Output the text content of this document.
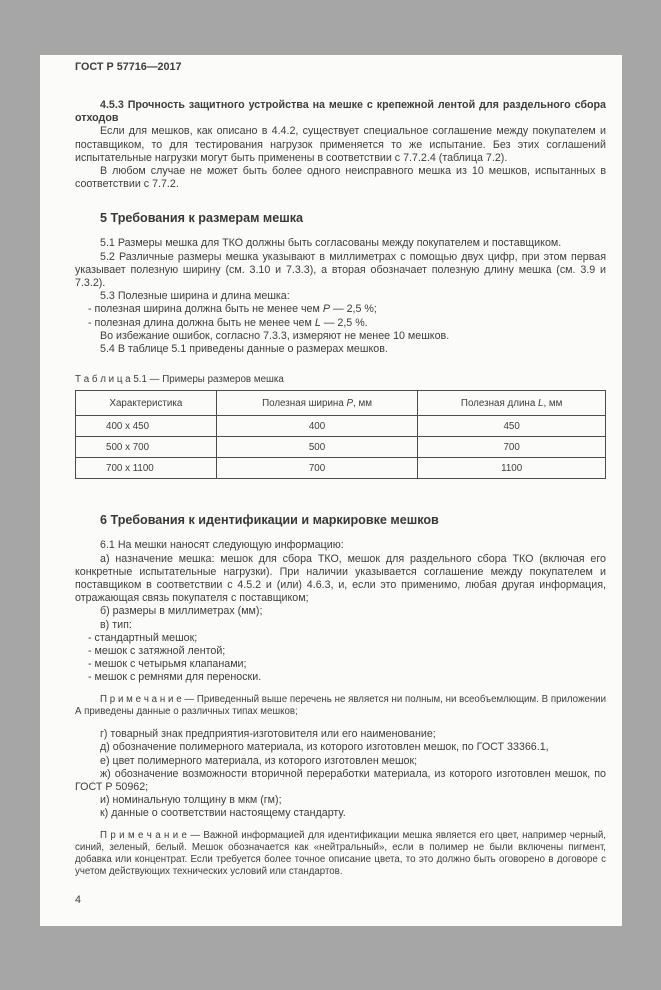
ГОСТ Р 57716—2017

4.5.3 Прочность защитного устройства на мешке с крепежной лентой для раздельного сбора отходов

Если для мешков, как описано в 4.4.2, существует специальное соглашение между покупателем и поставщиком, то для тестирования нагрузок применяется то же испытание. Без этих соглашений испытательные нагрузки могут быть применены в соответствии с 7.7.2.4 (таблица 7.2).

В любом случае не может быть более одного неисправного мешка из 10 мешков, испытанных в соответствии с 7.7.2.

5 Требования к размерам мешка

5.1 Размеры мешка для ТКО должны быть согласованы между покупателем и поставщиком.

5.2 Различные размеры мешка указывают в миллиметрах с помощью двух цифр, при этом первая указывает полезную ширину (см. 3.10 и 7.3.3), а вторая обозначает полезную длину мешка (см. 3.9 и 7.3.2).

5.3 Полезные ширина и длина мешка:

- полезная ширина должна быть не менее чем P — 2,5 %;

- полезная длина должна быть не менее чем L — 2,5 %.

Во избежание ошибок, согласно 7.3.3, измеряют не менее 10 мешков.

5.4 В таблице 5.1 приведены данные о размерах мешков.

Т а б л и ц а 5.1 — Примеры размеров мешка

Характеристика	Полезная ширина P, мм	Полезная длина L, мм
400 х 450	400	450
500 х 700	500	700
700 х 1100	700	1100
6 Требования к идентификации и маркировке мешков

6.1 На мешки наносят следующую информацию:

а) назначение мешка: мешок для сбора ТКО, мешок для раздельного сбора ТКО (включая его конкретные испытательные нагрузки). При наличии указывается соглашение между покупателем и поставщиком в соответствии с 4.5.2 и (или) 4.6.3, и, если это применимо, любая другая информация, отражающая связь покупателя с поставщиком;

б) размеры в миллиметрах (мм);

в) тип:

- стандартный мешок;

- мешок с затяжной лентой;

- мешок с четырьмя клапанами;

- мешок с ремнями для переноски.

П р и м е ч а н и е — Приведенный выше перечень не является ни полным, ни всеобъемлющим. В приложении А приведены данные о различных типах мешков;

г) товарный знак предприятия-изготовителя или его наименование;

д) обозначение полимерного материала, из которого изготовлен мешок, по ГОСТ 33366.1,

е) цвет полимерного материала, из которого изготовлен мешок;

ж) обозначение возможности вторичной переработки материала, из которого изготовлен мешок, по ГОСТ Р 50962;

и) номинальную толщину в мкм (гм);

к) данные о соответствии настоящему стандарту.

П р и м е ч а н и е — Важной информацией для идентификации мешка является его цвет, например черный, синий, зеленый, белый. Мешок обозначается как «нейтральный», если в полимер не были включены пигмент, добавка или концентрат. Если требуется более точное описание цвета, то это должно быть оговорено в договоре с учетом действующих технических условий или стандартов.

4
